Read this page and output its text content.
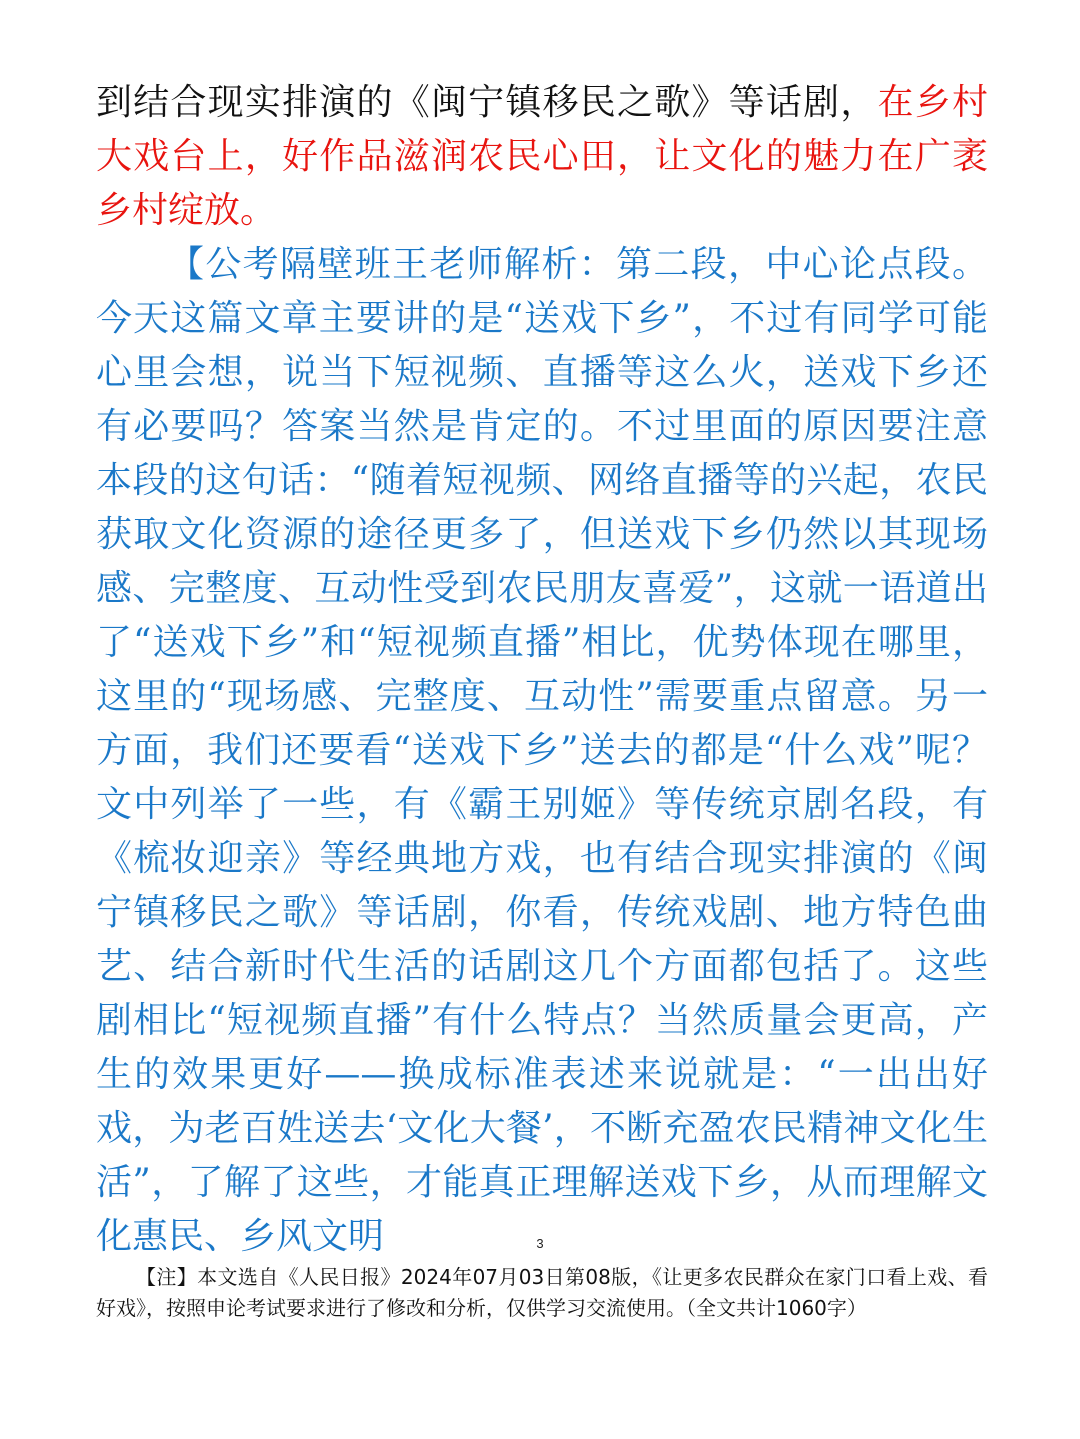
到结合现实排演的《闽宁镇移民之歌》等话剧，在乡村大戏台上，好作品滋润农民心田，让文化的魅力在广袤乡村绽放。

【公考隔壁班王老师解析：第二段，中心论点段。今天这篇文章主要讲的是“送戏下乡”，不过有同学可能心里会想，说当下短视频、直播等这么火，送戏下乡还有必要吗？答案当然是肯定的。不过里面的原因要注意本段的这句话：“随着短视频、网络直播等的兴起，农民获取文化资源的途径更多了，但送戏下乡仍然以其现场感、完整度、互动性受到农民朋友喜爱”，这就一语道出了“送戏下乡”和“短视频直播”相比，优势体现在哪里，这里的“现场感、完整度、互动性”需要重点留意。另一方面，我们还要看“送戏下乡”送去的都是“什么戏”呢？文中列举了一些，有《霸王别姬》等传统京剧名段，有《梳妆迎亲》等经典地方戏，也有结合现实排演的《闽宁镇移民之歌》等话剧，你看，传统戏剧、地方特色曲艺、结合新时代生活的话剧这几个方面都包括了。这些剧相比“短视频直播”有什么特点？当然质量会更高，产生的效果更好——换成标准表述来说就是：“一出出好戏，为老百姓送去‘文化大餐’，不断充盈农民精神文化生活”，了解了这些，才能真正理解送戏下乡，从而理解文化惠民、乡风文明	3

【注】本文选自《人民日报》2024年07月03日第08版，《让更多农民群众在家门口看上戏、看好戏》，按照申论考试要求进行了修改和分析，仅供学习交流使用。（全文共计1060字）
